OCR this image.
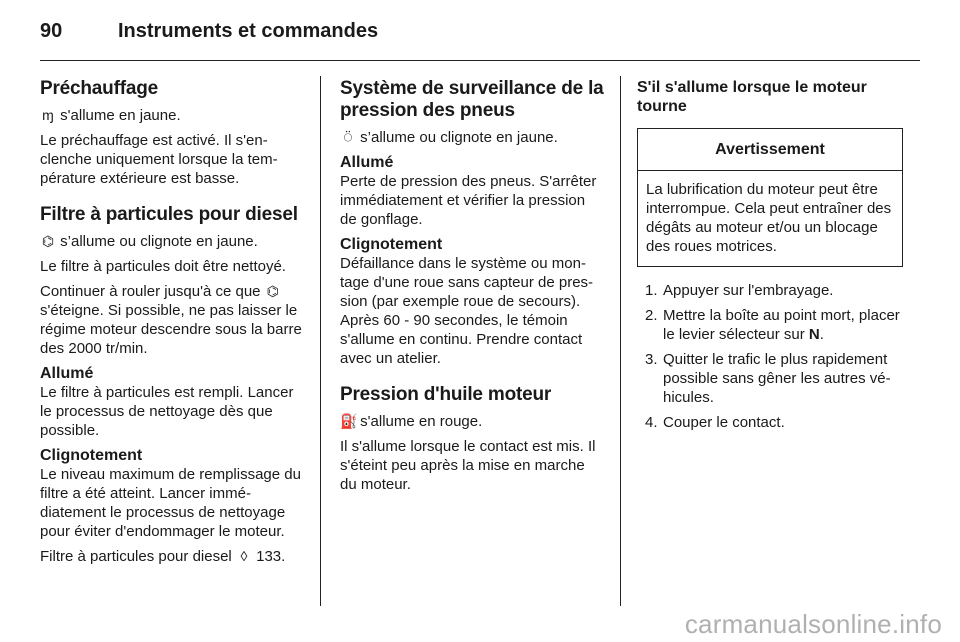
90	Instruments et commandes
Préchauffage

ɱ s'allume en jaune.

Le préchauffage est activé. Il s'enclenche uniquement lorsque la température extérieure est basse.

Filtre à particules pour diesel

⌬ s’allume ou clignote en jaune.

Le filtre à particules doit être nettoyé.

Continuer à rouler jusqu'à ce que ⌬ s'éteigne. Si possible, ne pas laisser le régime moteur descendre sous la barre des 2000 tr/min.

Allumé

Le filtre à particules est rempli. Lancer le processus de nettoyage dès que possible.

Clignotement

Le niveau maximum de remplissage du filtre a été atteint. Lancer immédiatement le processus de nettoyage pour éviter d'endommager le moteur.

Filtre à particules pour diesel ◊ 133.

Système de surveillance de la pression des pneus

⍥ s’allume ou clignote en jaune.

Allumé

Perte de pression des pneus. S'arrêter immédiatement et vérifier la pression de gonflage.

Clignotement

Défaillance dans le système ou montage d'une roue sans capteur de pression (par exemple roue de secours). Après 60 - 90 secondes, le témoin s'allume en continu. Prendre contact avec un atelier.

Pression d'huile moteur

⛽ s'allume en rouge.

Il s'allume lorsque le contact est mis. Il s'éteint peu après la mise en marche du moteur.

S'il s'allume lorsque le moteur tourne
Avertissement
La lubrification du moteur peut être interrompue. Cela peut entraîner des dégâts au moteur et/ou un blocage des roues motrices.
1. Appuyer sur l'embrayage.
2. Mettre la boîte au point mort, placer le levier sélecteur sur N.
3. Quitter le trafic le plus rapidement possible sans gêner les autres véhicules.
4. Couper le contact.
carmanualsonline.info
